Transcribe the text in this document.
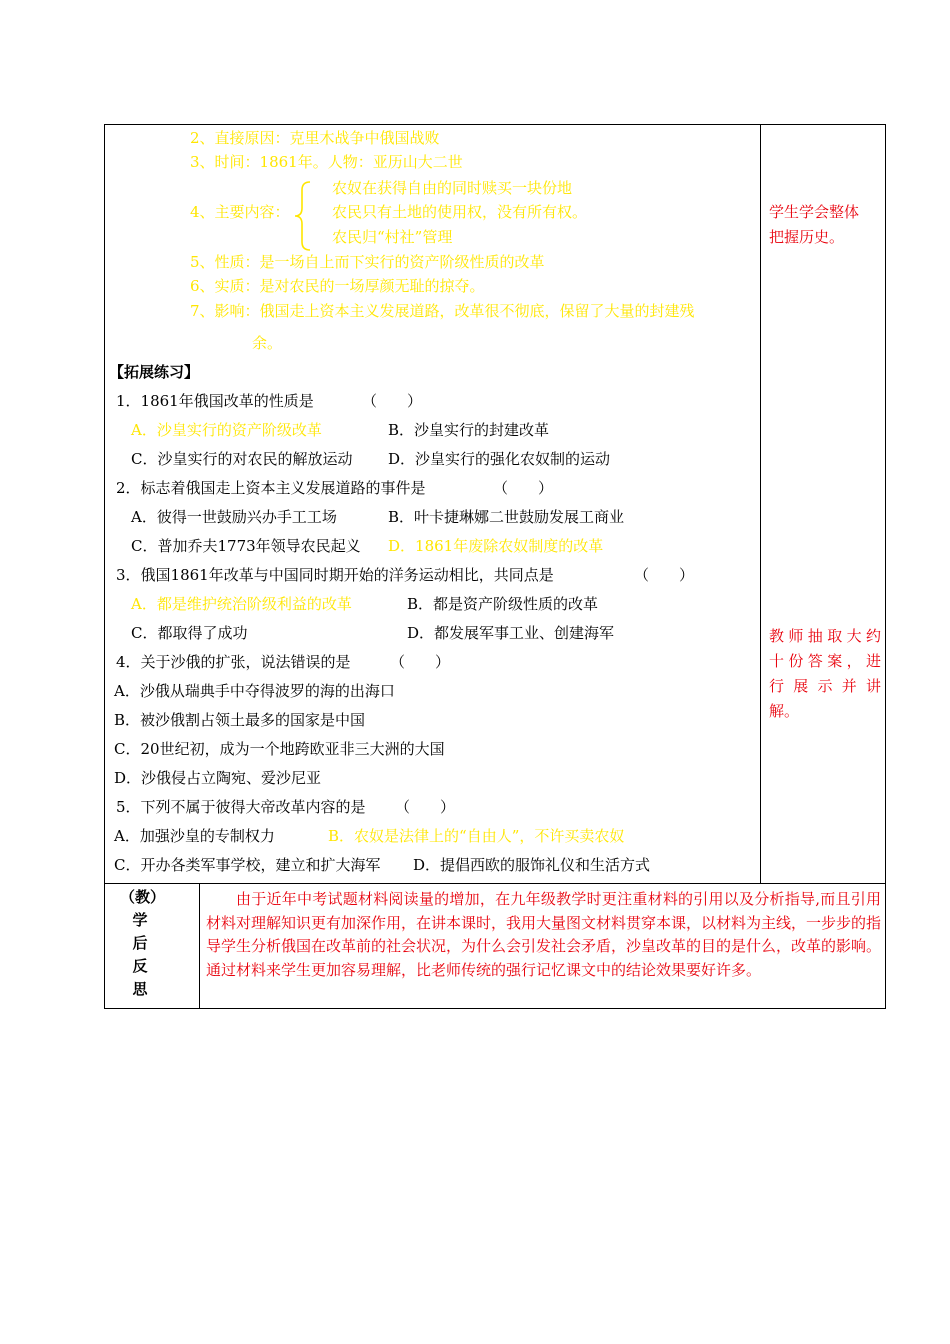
2、直接原因：克里木战争中俄国战败
3、时间：1861年。人物：亚历山大二世
4、主要内容：
农奴在获得自由的同时赎买一块份地
农民只有土地的使用权，没有所有权。
农民归“村社”管理
5、性质：是一场自上而下实行的资产阶级性质的改革
6、实质：是对农民的一场厚颜无耻的掠夺。
7、影响：俄国走上资本主义发展道路，改革很不彻底，保留了大量的封建残
余。
【拓展练习】
1．1861年俄国改革的性质是	（　　）
A．沙皇实行的资产阶级改革	B．沙皇实行的封建改革
C．沙皇实行的对农民的解放运动 D．沙皇实行的强化农奴制的运动
2．标志着俄国走上资本主义发展道路的事件是	（　　）
A．彼得一世鼓励兴办手工工场	B．叶卡捷琳娜二世鼓励发展工商业
C．普加乔夫1773年领导农民起义 D．1861年废除农奴制度的改革
3．俄国1861年改革与中国同时期开始的洋务运动相比，共同点是	（　　）
A．都是维护统治阶级利益的改革	B．都是资产阶级性质的改革
C．都取得了成功	D．都发展军事工业、创建海军
4．关于沙俄的扩张，说法错误的是	（　　）
A．沙俄从瑞典手中夺得波罗的海的出海口
B．被沙俄割占领土最多的国家是中国
C．20世纪初，成为一个地跨欧亚非三大洲的大国
D．沙俄侵占立陶宛、爱沙尼亚
5．下列不属于彼得大帝改革内容的是 （　　）
A．加强沙皇的专制权力	B．农奴是法律上的“自由人”，不许买卖农奴
C．开办各类军事学校，建立和扩大海军 D．提倡西欧的服饰礼仪和生活方式
学生学会整体
把握历史。
教师抽取大约
十份答案，进
行展示并讲
解。
（教）
学
后
反
思
由于近年中考试题材料阅读量的增加，在九年级教学时更注重材料的引用以及分析指导,而且引用材料对理解知识更有加深作用，在讲本课时，我用大量图文材料贯穿本课，以材料为主线，一步步的指导学生分析俄国在改革前的社会状况，为什么会引发社会矛盾，沙皇改革的目的是什么，改革的影响。通过材料来学生更加容易理解，比老师传统的强行记忆课文中的结论效果要好许多。
